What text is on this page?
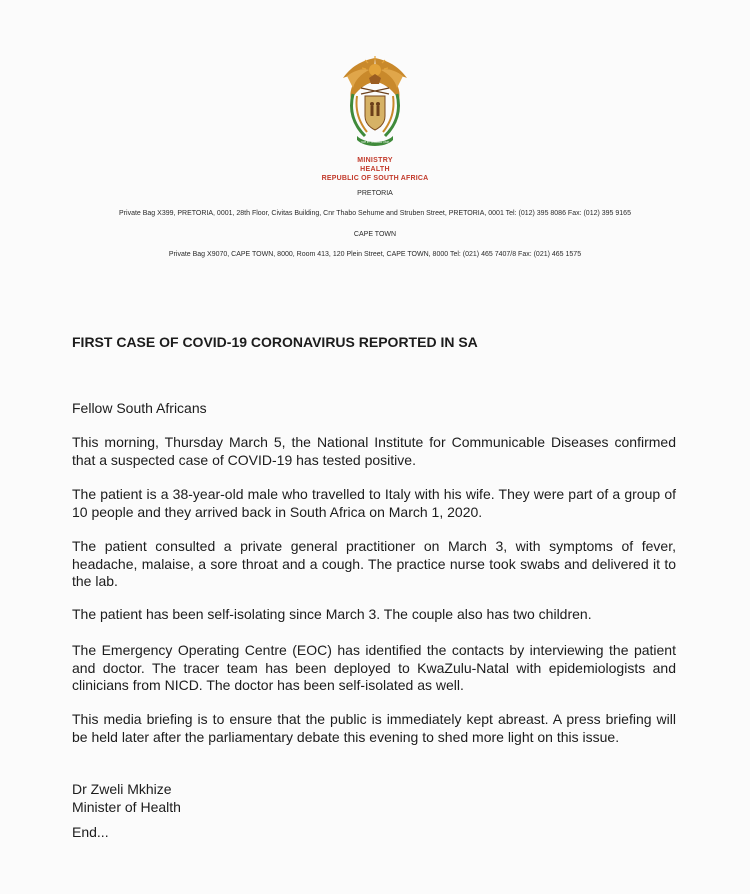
!KE E: /XARRA //KE
MINISTRY
HEALTH
REPUBLIC OF SOUTH AFRICA
PRETORIA
Private Bag X399, PRETORIA, 0001, 28th Floor, Civitas Building, Cnr Thabo Sehume and Struben Street, PRETORIA, 0001 Tel: (012) 395 8086 Fax: (012) 395 9165
CAPE TOWN
Private Bag X9070, CAPE TOWN, 8000, Room 413, 120 Plein Street, CAPE TOWN, 8000 Tel: (021) 465 7407/8 Fax: (021) 465 1575
FIRST CASE OF COVID-19 CORONAVIRUS REPORTED IN SA
Fellow South Africans
This morning, Thursday March 5, the National Institute for Communicable Diseases confirmed that a suspected case of COVID-19 has tested positive.
The patient is a 38-year-old male who travelled to Italy with his wife. They were part of a group of 10 people and they arrived back in South Africa on March 1, 2020.
The patient consulted a private general practitioner on March 3, with symptoms of fever, headache, malaise, a sore throat and a cough. The practice nurse took swabs and delivered it to the lab.
The patient has been self-isolating since March 3. The couple also has two children.
The Emergency Operating Centre (EOC) has identified the contacts by interviewing the patient and doctor. The tracer team has been deployed to KwaZulu-Natal with epidemiologists and clinicians from NICD. The doctor has been self-isolated as well.
This media briefing is to ensure that the public is immediately kept abreast. A press briefing will be held later after the parliamentary debate this evening to shed more light on this issue.
Dr Zweli Mkhize
Minister of Health
End...
